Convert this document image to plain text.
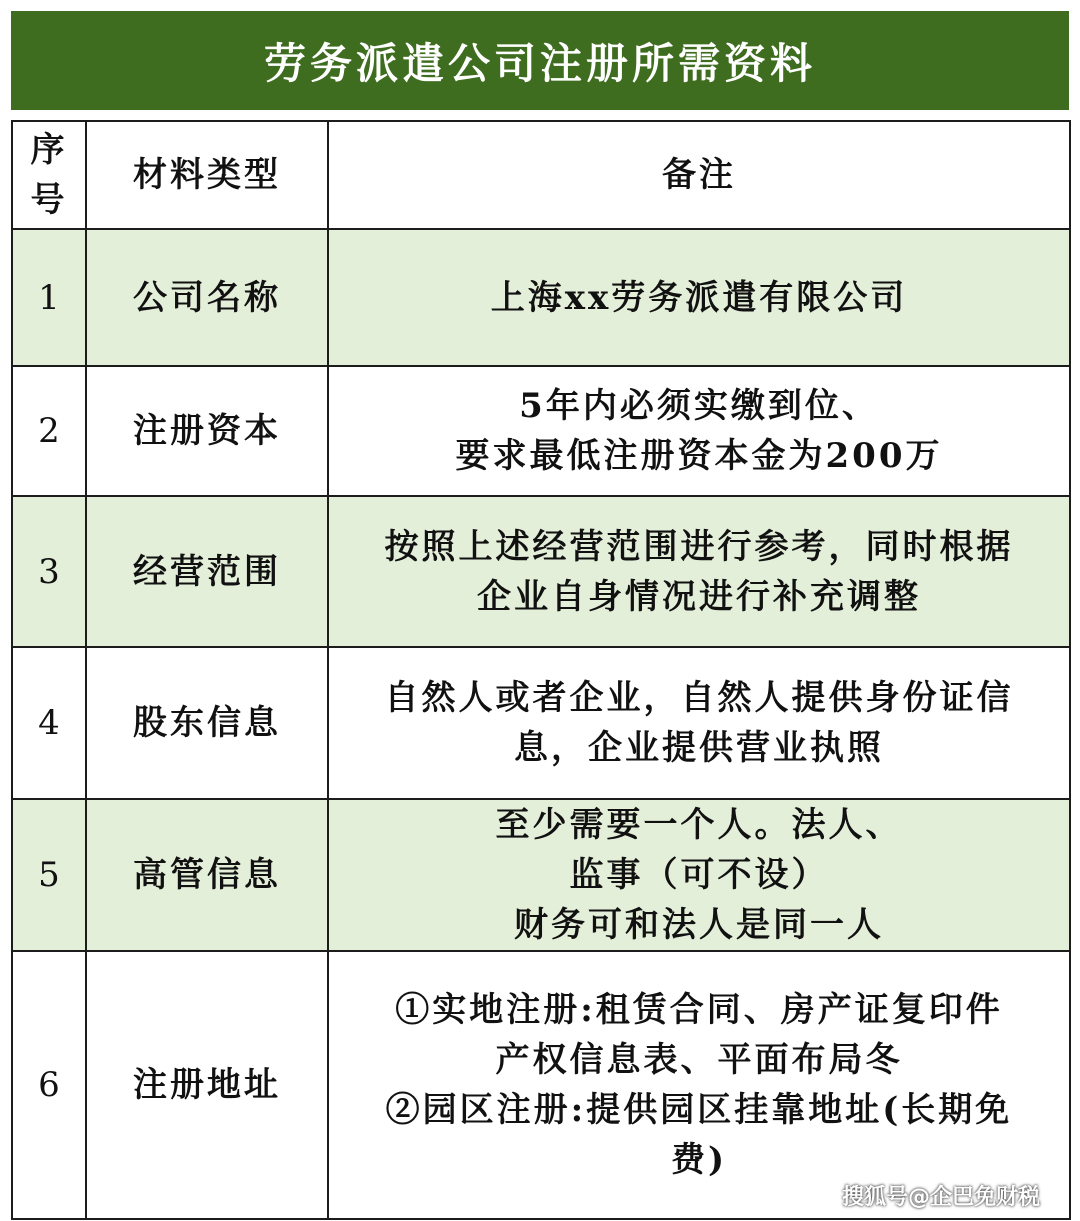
劳务派遣公司注册所需资料
序号	材料类型	备注
1	公司名称	上海xx劳务派遣有限公司

2	注册资本	5年内必须实缴到位、
要求最低注册资本金为200万

3	经营范围	按照上述经营范围进行参考，同时根据
企业自身情况进行补充调整

4	股东信息	自然人或者企业，自然人提供身份证信
息，企业提供营业执照

5	高管信息	至少需要一个人。法人、
监事（可不设）
财务可和法人是同一人

6	注册地址	①实地注册:租赁合同、房产证复印件
产权信息表、平面布局冬
②园区注册:提供园区挂靠地址(长期免
费)
搜狐号@企巴免财税
